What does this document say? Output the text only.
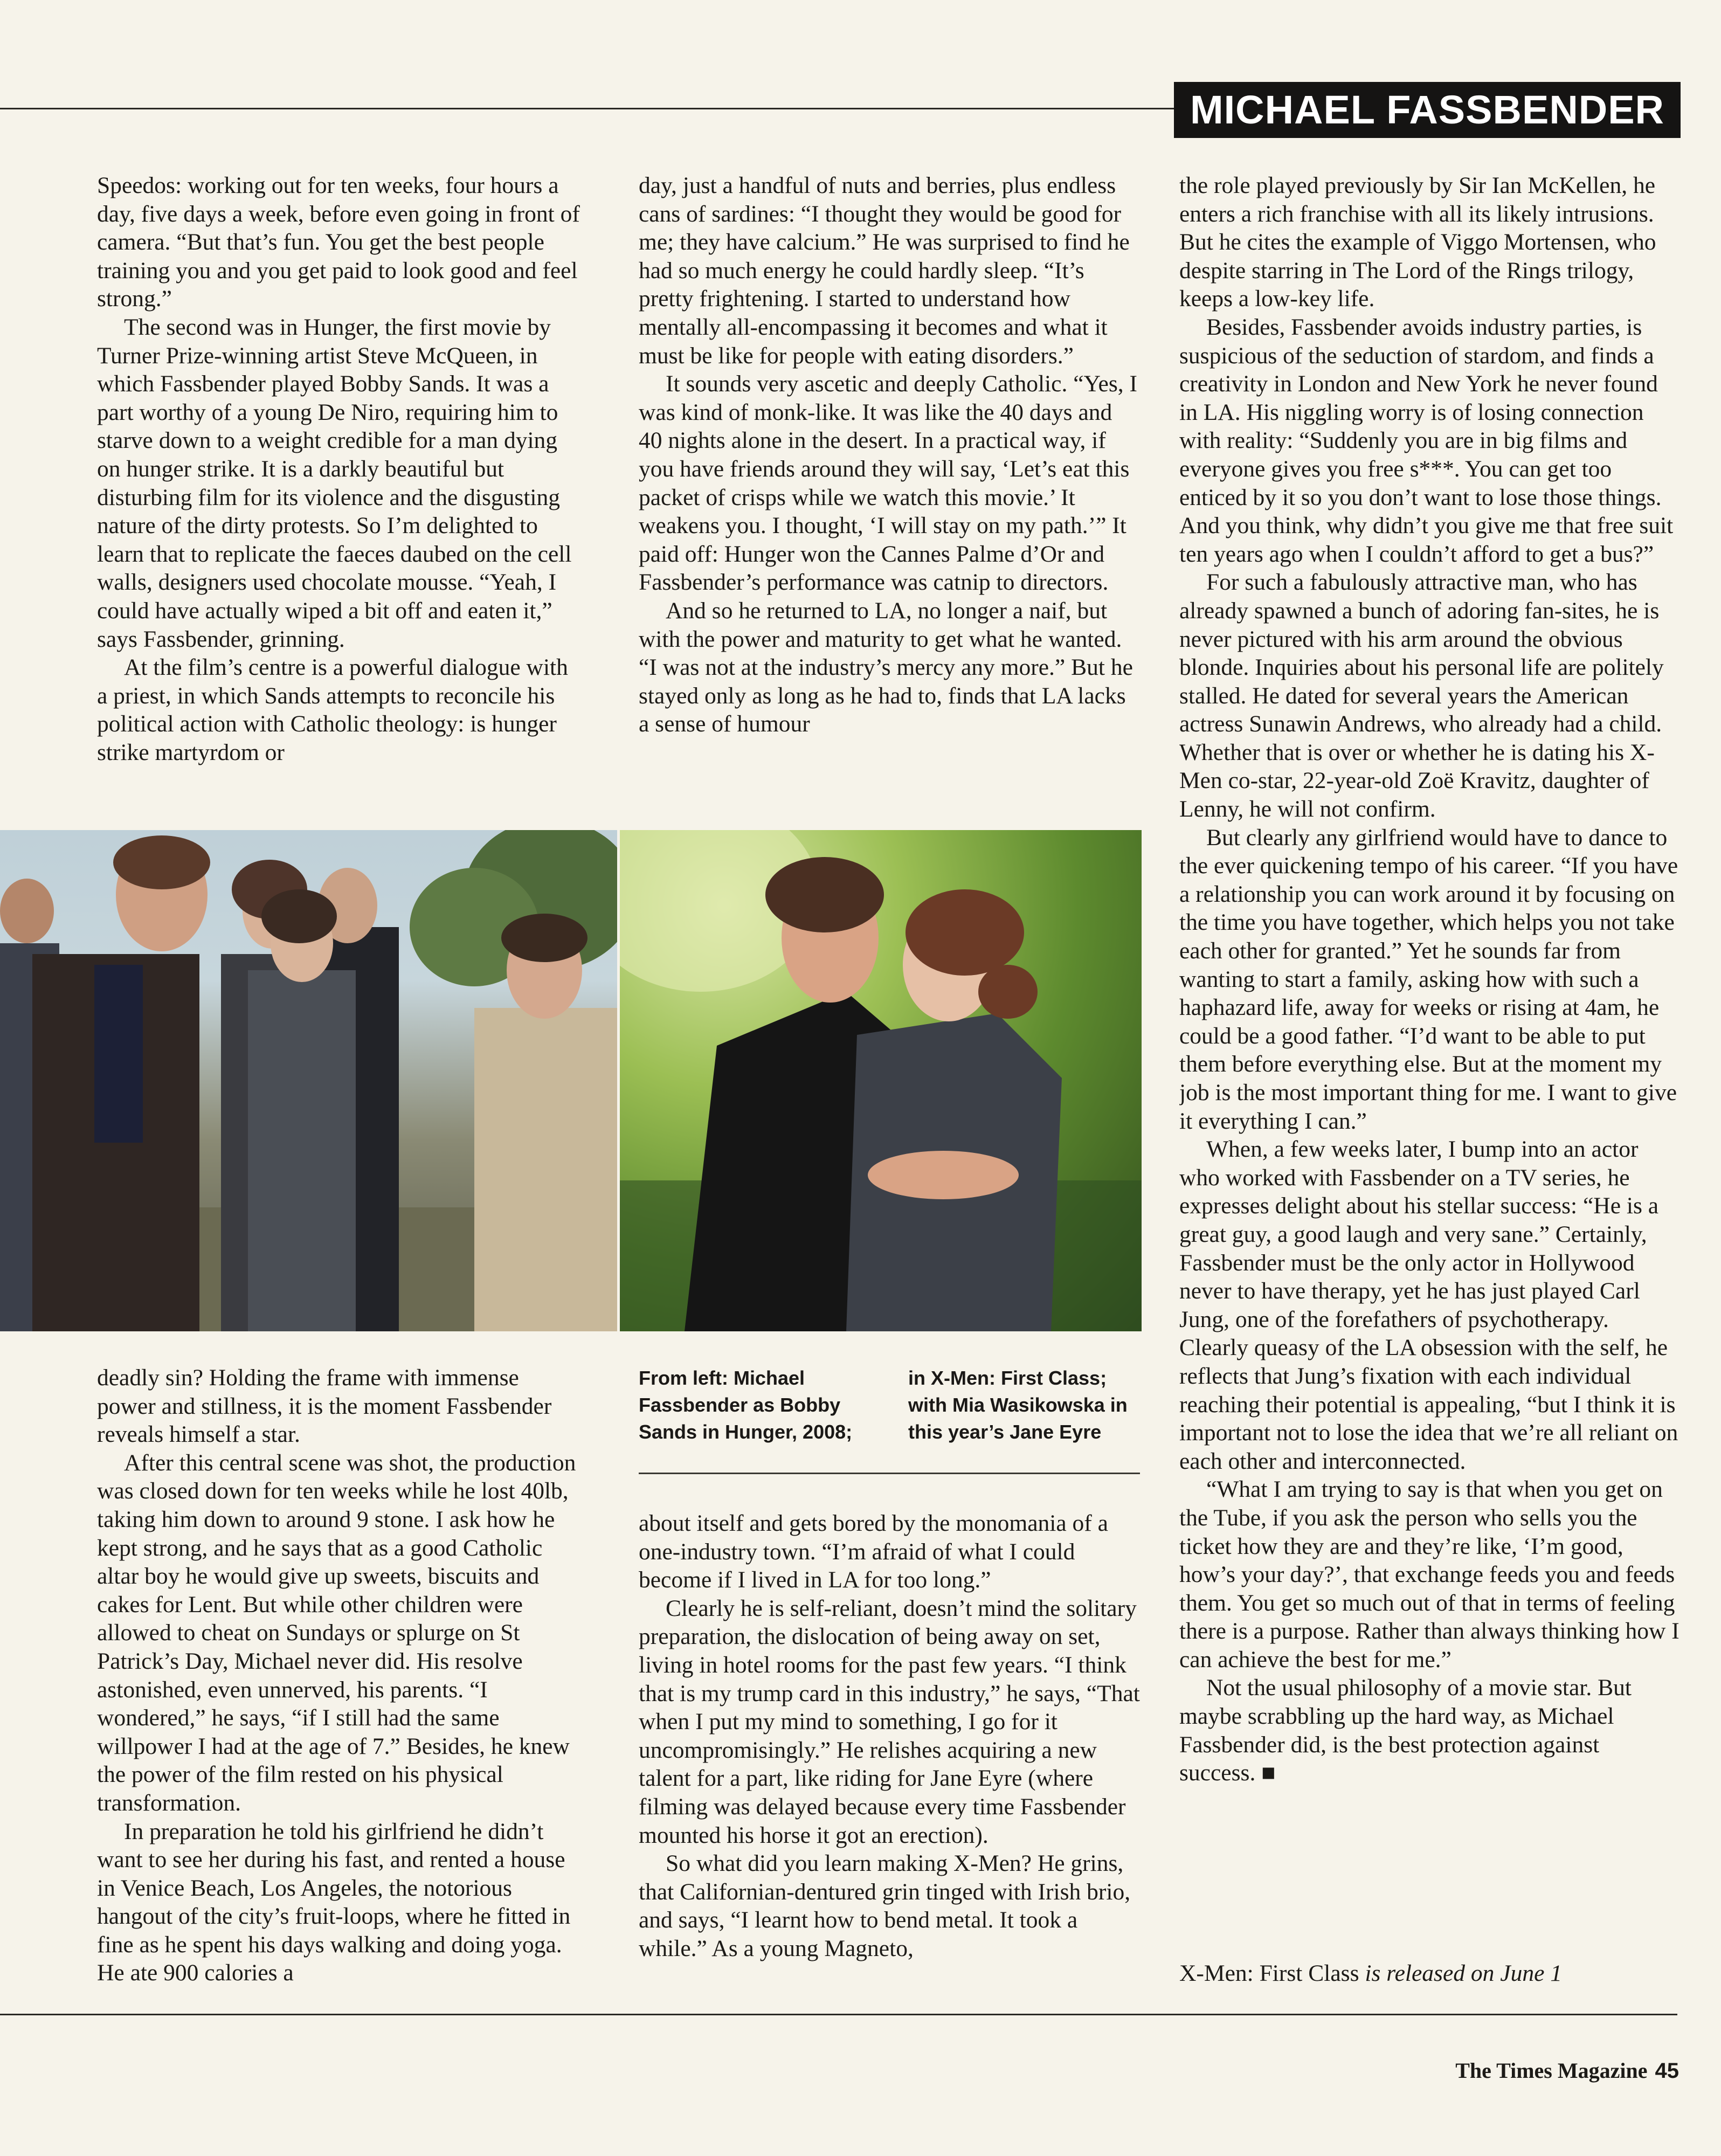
MICHAEL FASSBENDER

Speedos: working out for ten weeks, four hours a day, five days a week, before even going in front of camera. “But that’s fun. You get the best people training you and you get paid to look good and feel strong.”

The second was in Hunger, the first movie by Turner Prize-winning artist Steve McQueen, in which Fassbender played Bobby Sands. It was a part worthy of a young De Niro, requiring him to starve down to a weight credible for a man dying on hunger strike. It is a darkly beautiful but disturbing film for its violence and the disgusting nature of the dirty protests. So I’m delighted to learn that to replicate the faeces daubed on the cell walls, designers used chocolate mousse. “Yeah, I could have actually wiped a bit off and eaten it,” says Fassbender, grinning.

At the film’s centre is a powerful dialogue with a priest, in which Sands attempts to reconcile his political action with Catholic theology: is hunger strike martyrdom or

day, just a handful of nuts and berries, plus endless cans of sardines: “I thought they would be good for me; they have calcium.” He was surprised to find he had so much energy he could hardly sleep. “It’s pretty frightening. I started to understand how mentally all-encompassing it becomes and what it must be like for people with eating disorders.”

It sounds very ascetic and deeply Catholic. “Yes, I was kind of monk-like. It was like the 40 days and 40 nights alone in the desert. In a practical way, if you have friends around they will say, ‘Let’s eat this packet of crisps while we watch this movie.’ It weakens you. I thought, ‘I will stay on my path.’” It paid off: Hunger won the Cannes Palme d’Or and Fassbender’s performance was catnip to directors.

And so he returned to LA, no longer a naif, but with the power and maturity to get what he wanted. “I was not at the industry’s mercy any more.” But he stayed only as long as he had to, finds that LA lacks a sense of humour

the role played previously by Sir Ian McKellen, he enters a rich franchise with all its likely intrusions. But he cites the example of Viggo Mortensen, who despite starring in The Lord of the Rings trilogy, keeps a low-key life.

Besides, Fassbender avoids industry parties, is suspicious of the seduction of stardom, and finds a creativity in London and New York he never found in LA. His niggling worry is of losing connection with reality: “Suddenly you are in big films and everyone gives you free s***. You can get too enticed by it so you don’t want to lose those things. And you think, why didn’t you give me that free suit ten years ago when I couldn’t afford to get a bus?”

For such a fabulously attractive man, who has already spawned a bunch of adoring fan-sites, he is never pictured with his arm around the obvious blonde. Inquiries about his personal life are politely stalled. He dated for several years the American actress Sunawin Andrews, who already had a child. Whether that is over or whether he is dating his X-Men co-star, 22-year-old Zoë Kravitz, daughter of Lenny, he will not confirm.

But clearly any girlfriend would have to dance to the ever quickening tempo of his career. “If you have a relationship you can work around it by focusing on the time you have together, which helps you not take each other for granted.” Yet he sounds far from wanting to start a family, asking how with such a haphazard life, away for weeks or rising at 4am, he could be a good father. “I’d want to be able to put them before everything else. But at the moment my job is the most important thing for me. I want to give it everything I can.”

When, a few weeks later, I bump into an actor who worked with Fassbender on a TV series, he expresses delight about his stellar success: “He is a great guy, a good laugh and very sane.” Certainly, Fassbender must be the only actor in Hollywood never to have therapy, yet he has just played Carl Jung, one of the forefathers of psychotherapy. Clearly queasy of the LA obsession with the self, he reflects that Jung’s fixation with each individual reaching their potential is appealing, “but I think it is important not to lose the idea that we’re all reliant on each other and interconnected.

“What I am trying to say is that when you get on the Tube, if you ask the person who sells you the ticket how they are and they’re like, ‘I’m good, how’s your day?’, that exchange feeds you and feeds them. You get so much out of that in terms of feeling there is a purpose. Rather than always thinking how I can achieve the best for me.”

Not the usual philosophy of a movie star. But maybe scrabbling up the hard way, as Michael Fassbender did, is the best protection against success. ■

From left: Michael Fassbender as Bobby Sands in Hunger, 2008;
in X-Men: First Class; with Mia Wasikowska in this year’s Jane Eyre

deadly sin? Holding the frame with immense power and stillness, it is the moment Fassbender reveals himself a star.

After this central scene was shot, the production was closed down for ten weeks while he lost 40lb, taking him down to around 9 stone. I ask how he kept strong, and he says that as a good Catholic altar boy he would give up sweets, biscuits and cakes for Lent. But while other children were allowed to cheat on Sundays or splurge on St Patrick’s Day, Michael never did. His resolve astonished, even unnerved, his parents. “I wondered,” he says, “if I still had the same willpower I had at the age of 7.” Besides, he knew the power of the film rested on his physical transformation.

In preparation he told his girlfriend he didn’t want to see her during his fast, and rented a house in Venice Beach, Los Angeles, the notorious hangout of the city’s fruit-loops, where he fitted in fine as he spent his days walking and doing yoga. He ate 900 calories a

about itself and gets bored by the monomania of a one-industry town. “I’m afraid of what I could become if I lived in LA for too long.”

Clearly he is self-reliant, doesn’t mind the solitary preparation, the dislocation of being away on set, living in hotel rooms for the past few years. “I think that is my trump card in this industry,” he says, “That when I put my mind to something, I go for it uncompromisingly.” He relishes acquiring a new talent for a part, like riding for Jane Eyre (where filming was delayed because every time Fassbender mounted his horse it got an erection).

So what did you learn making X-Men? He grins, that Californian-dentured grin tinged with Irish brio, and says, “I learnt how to bend metal. It took a while.” As a young Magneto,

X-Men: First Class is released on June 1
The Times Magazine 45
